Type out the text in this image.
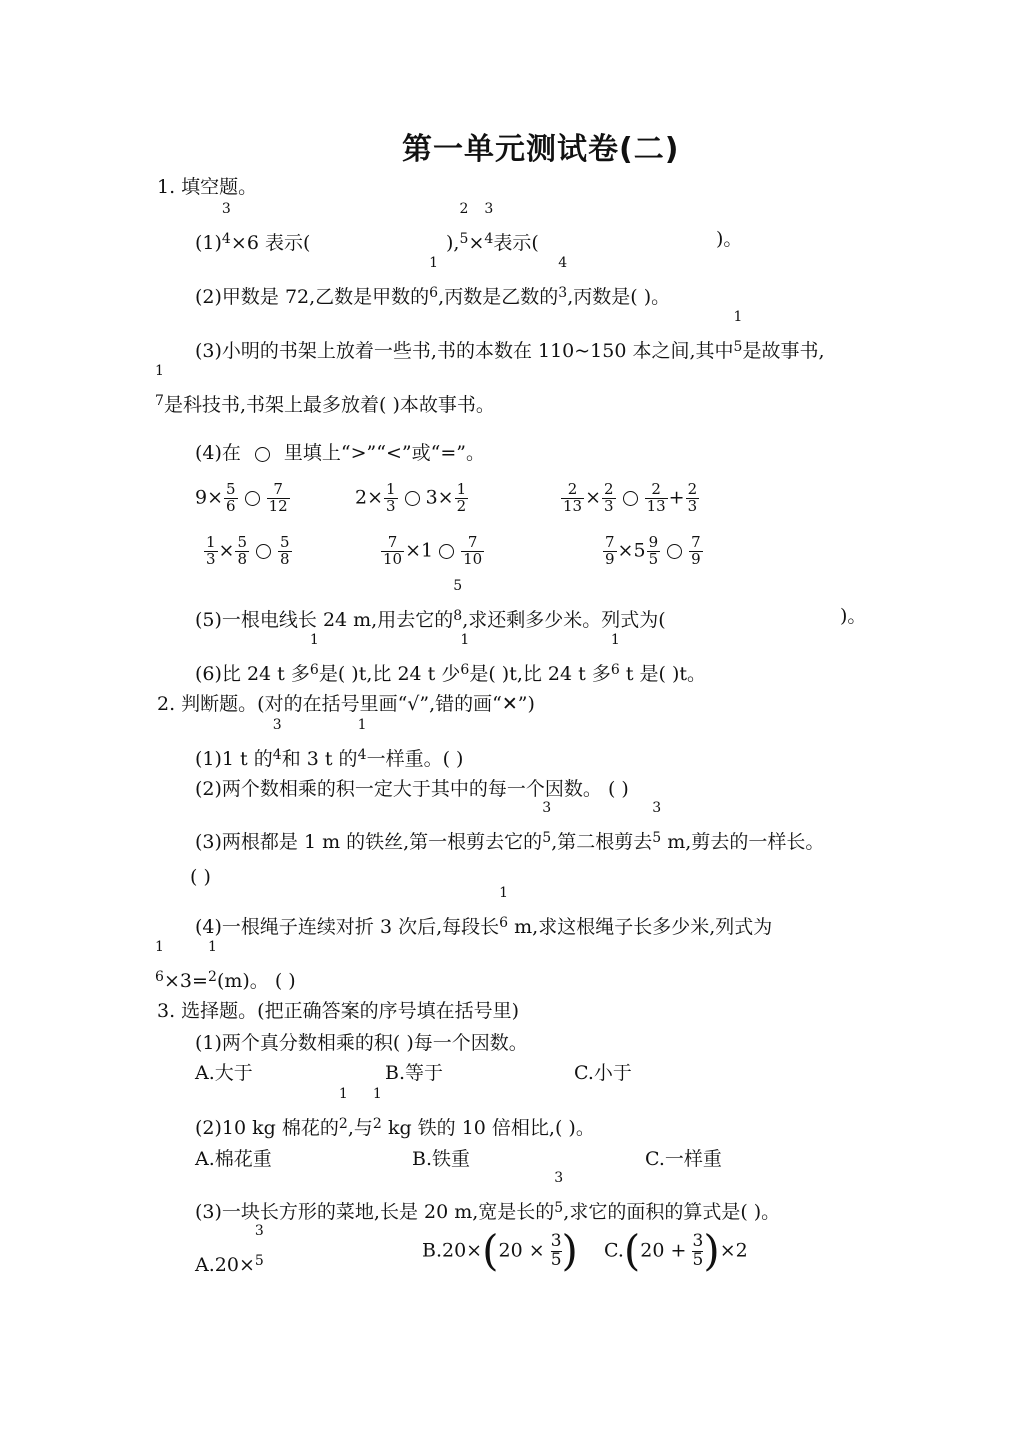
第一单元测试卷(二)
1. 填空题。
(1)
3
4 ×6 表示(	),
2
5 ×
3
4 表示(	)。
(2)甲数是 72,乙数是甲数的
1
6 ,丙数是乙数的
4
3 ,丙数是( )。
(3)小明的书架上放着一些书,书的本数在 110~150 本之间,其中
1
5 是故事书,
1
7 是科技书,书架上最多放着( )本故事书。
(4)在 里填上“>”“<”或“=”。
$9\times \frac{5}{6} \frac{7}{12}$	$2\times \frac{1}{3} 3\times \frac{1}{2}$	$\frac{2}{13} \times \frac{2}{3} \frac{2}{13} + \frac{2}{3}$
$\frac{1}{3} \times \frac{5}{8} \frac{5}{8}$	$\frac{7}{10} \times 1 \frac{7}{10}$	$\frac{7}{9} \times 5 \frac{9}{5} \frac{7}{9}$
(5)一根电线长 24 m,用去它的
5
8 ,求还剩多少米。列式为(	)。
(6)比 24 t 多
1
6 是( )t,比 24 t 少
1
6 是( )t,比 24 t 多
1
6 t 是( )t。
2. 判断题。(对的在括号里画“√”,错的画“✕”)
(1)1 t 的
3
4 和 3 t 的
1
4 一样重。( )
(2)两个数相乘的积一定大于其中的每一个因数。 ( )
(3)两根都是 1 m 的铁丝,第一根剪去它的
3
5 ,第二根剪去
3
5 m,剪去的一样长。
( )
(4)一根绳子连续对折 3 次后,每段长
1
6 m,求这根绳子长多少米,列式为
1
6 ×3=
1
2 (m)。 ( )
3. 选择题。(把正确答案的序号填在括号里)
(1)两个真分数相乘的积( )每一个因数。
A.大于	B.等于	C.小于
(2)10 kg 棉花的
1
2 ,与
1
2 kg 铁的 10 倍相比,( )。
A.棉花重	B.铁重	C.一样重
(3)一块长方形的菜地,长是 20 m,宽是长的
3
5 ,求它的面积的算式是( )。
A.20×
3
5	$B.20\times(20 \times \frac{3}{5}$ ) $C.(20 + \frac{3}{5} )\times 2$
